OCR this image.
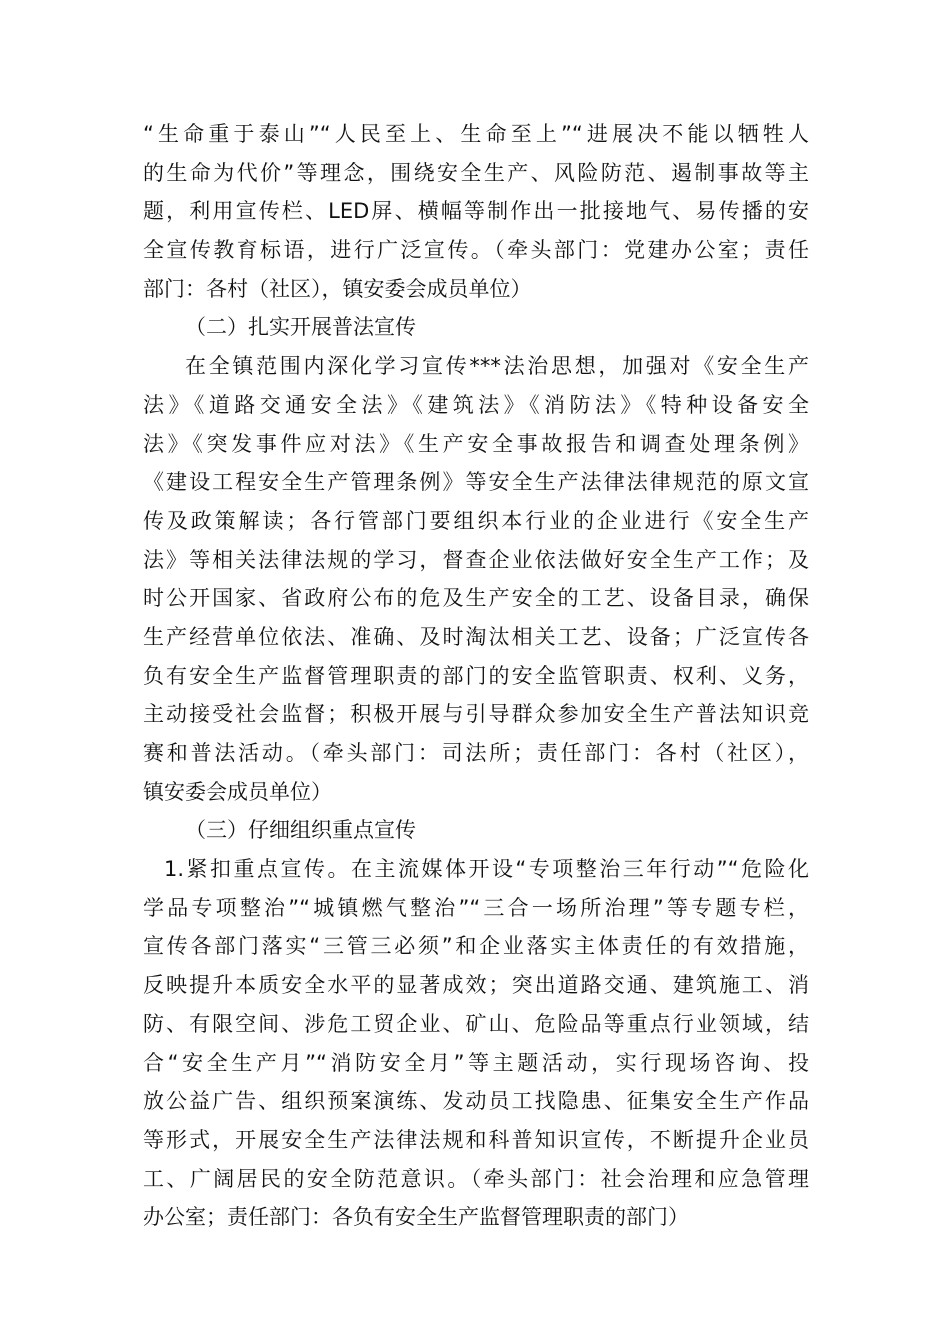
“生命重于泰山”“人民至上、生命至上”“进展决不能以牺牲人
的生命为代价”等理念，围绕安全生产、风险防范、遏制事故等主
题，利用宣传栏、LED屏、横幅等制作出一批接地气、易传播的安
全宣传教育标语，进行广泛宣传。（牵头部门：党建办公室；责任
部门：各村（社区），镇安委会成员单位）
（二）扎实开展普法宣传
在全镇范围内深化学习宣传***法治思想，加强对《安全生产
法》《道路交通安全法》《建筑法》《消防法》《特种设备安全
法》《突发事件应对法》《生产安全事故报告和调查处理条例》
《建设工程安全生产管理条例》等安全生产法律法律规范的原文宣
传及政策解读；各行管部门要组织本行业的企业进行《安全生产
法》等相关法律法规的学习，督查企业依法做好安全生产工作；及
时公开国家、省政府公布的危及生产安全的工艺、设备目录，确保
生产经营单位依法、准确、及时淘汰相关工艺、设备；广泛宣传各
负有安全生产监督管理职责的部门的安全监管职责、权利、义务，
主动接受社会监督；积极开展与引导群众参加安全生产普法知识竞
赛和普法活动。（牵头部门：司法所；责任部门：各村（社区），
镇安委会成员单位）
（三）仔细组织重点宣传
1.紧扣重点宣传。在主流媒体开设“专项整治三年行动”“危险化
学品专项整治”“城镇燃气整治”“三合一场所治理”等专题专栏，
宣传各部门落实“三管三必须”和企业落实主体责任的有效措施，
反映提升本质安全水平的显著成效；突出道路交通、建筑施工、消
防、有限空间、涉危工贸企业、矿山、危险品等重点行业领域，结
合“安全生产月”“消防安全月”等主题活动，实行现场咨询、投
放公益广告、组织预案演练、发动员工找隐患、征集安全生产作品
等形式，开展安全生产法律法规和科普知识宣传，不断提升企业员
工、广阔居民的安全防范意识。（牵头部门：社会治理和应急管理
办公室；责任部门：各负有安全生产监督管理职责的部门）
